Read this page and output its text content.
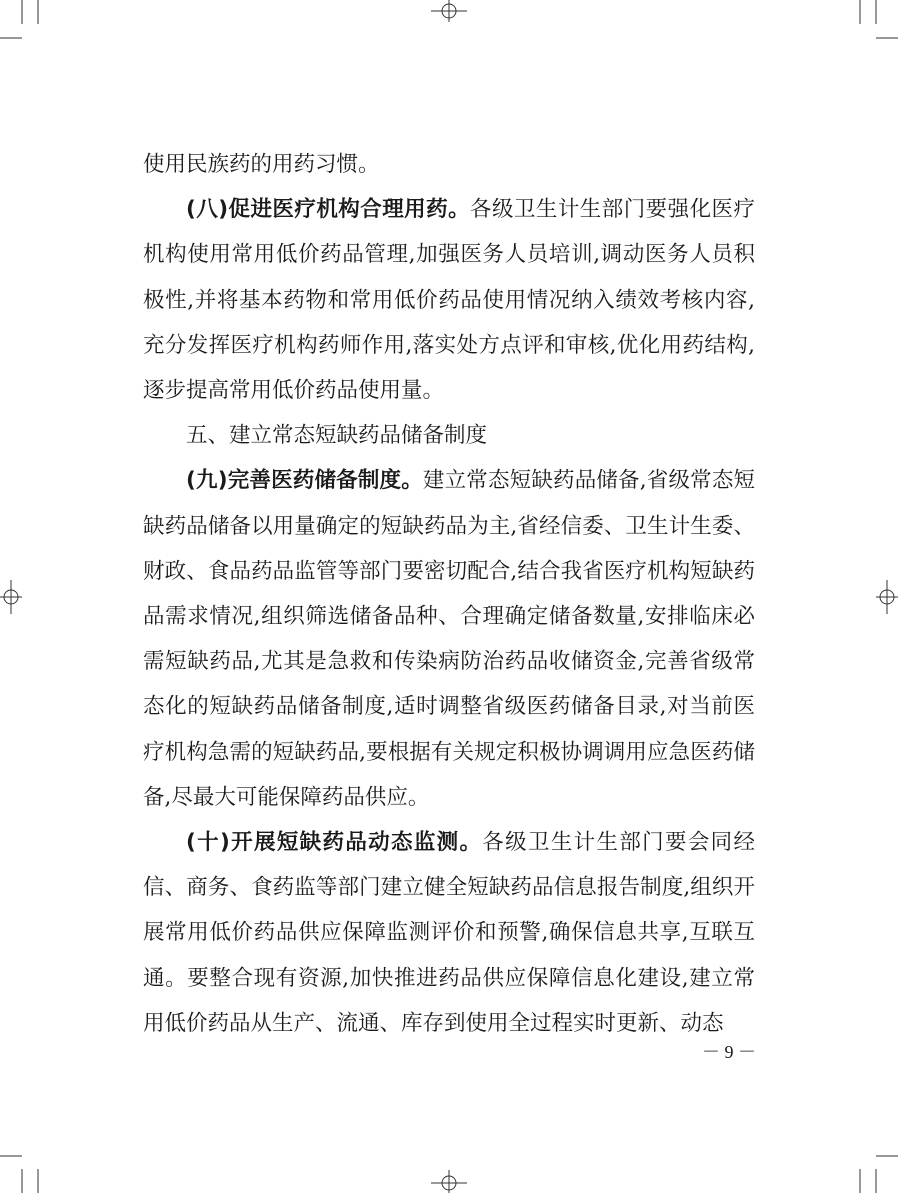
使用民族药的用药习惯。

(八)促进医疗机构合理用药。各级卫生计生部门要强化医疗机构使用常用低价药品管理,加强医务人员培训,调动医务人员积极性,并将基本药物和常用低价药品使用情况纳入绩效考核内容,充分发挥医疗机构药师作用,落实处方点评和审核,优化用药结构,逐步提高常用低价药品使用量。

五、建立常态短缺药品储备制度

(九)完善医药储备制度。建立常态短缺药品储备,省级常态短缺药品储备以用量确定的短缺药品为主,省经信委、卫生计生委、财政、食品药品监管等部门要密切配合,结合我省医疗机构短缺药品需求情况,组织筛选储备品种、合理确定储备数量,安排临床必需短缺药品,尤其是急救和传染病防治药品收储资金,完善省级常态化的短缺药品储备制度,适时调整省级医药储备目录,对当前医疗机构急需的短缺药品,要根据有关规定积极协调调用应急医药储备,尽最大可能保障药品供应。

(十)开展短缺药品动态监测。各级卫生计生部门要会同经信、商务、食药监等部门建立健全短缺药品信息报告制度,组织开展常用低价药品供应保障监测评价和预警,确保信息共享,互联互通。要整合现有资源,加快推进药品供应保障信息化建设,建立常用低价药品从生产、流通、库存到使用全过程实时更新、动态

－ 9 －
